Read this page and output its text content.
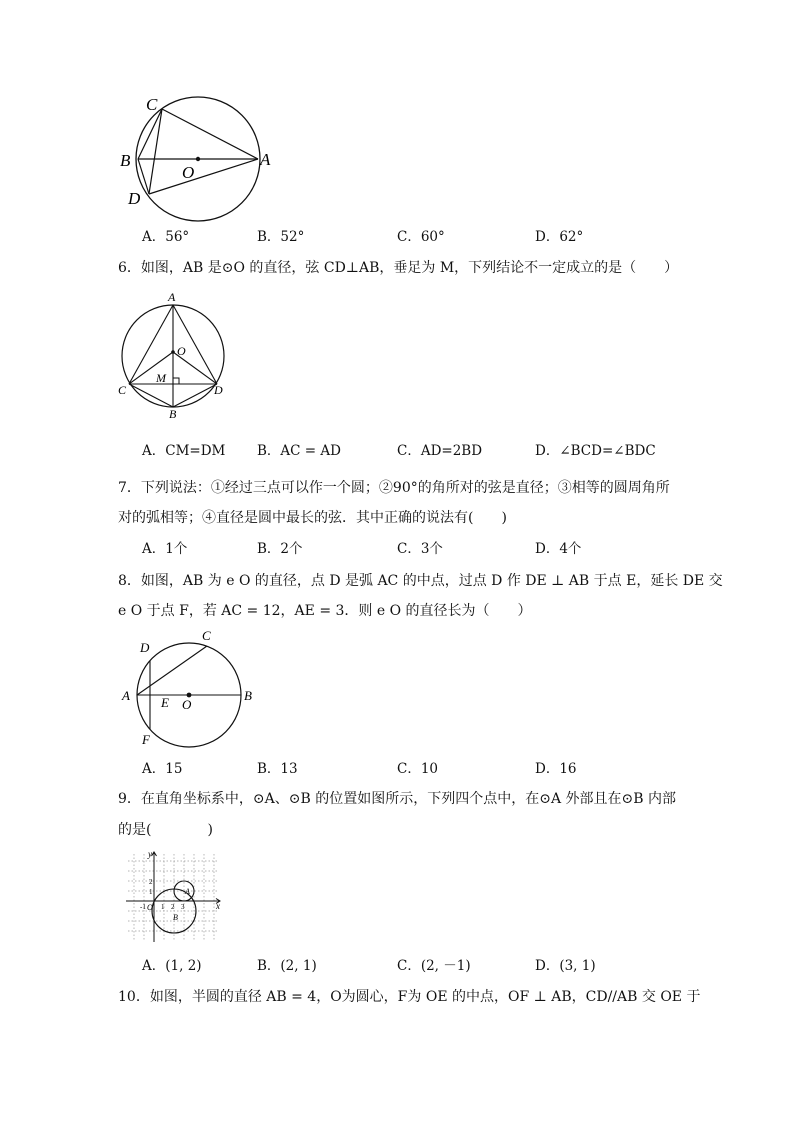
C
B
O
A
D
A．56°	B．52°	C．60°	D．62°
6．如图，AB 是⊙O 的直径，弦 CD⊥AB，垂足为 M，下列结论不一定成立的是（　　）
A
O
M
C	D
B
A．CM=DM B．AC = AD	C．AD=2BD	D．∠BCD=∠BDC
7．下列说法：①经过三点可以作一个圆；②90°的角所对的弦是直径；③相等的圆周角所
对的弧相等；④直径是圆中最长的弦．其中正确的说法有(　　)
A．1个	B．2个	C．3个	D．4个
8．如图，AB 为 e O 的直径，点 D 是弧 AC 的中点，过点 D 作 DE ⊥ AB 于点 E，延长 DE 交
e O 于点 F，若 AC = 12，AE = 3．则 e O 的直径长为（　　）
D
C
A E O
B
F
A．15	B．13	C．10	D．16
9．在直角坐标系中，⊙A、⊙B 的位置如图所示，下列四个点中，在⊙A 外部且在⊙B 内部
的是(　　　　)
y
x
O
A
B
1 2 3
-1
1
2
A．(1, 2)	B．(2, 1)	C．(2, －1)	D．(3, 1)
10．如图，半圆的直径 AB = 4，O为圆心，F为 OE 的中点，OF ⊥ AB，CD//AB 交 OE 于
